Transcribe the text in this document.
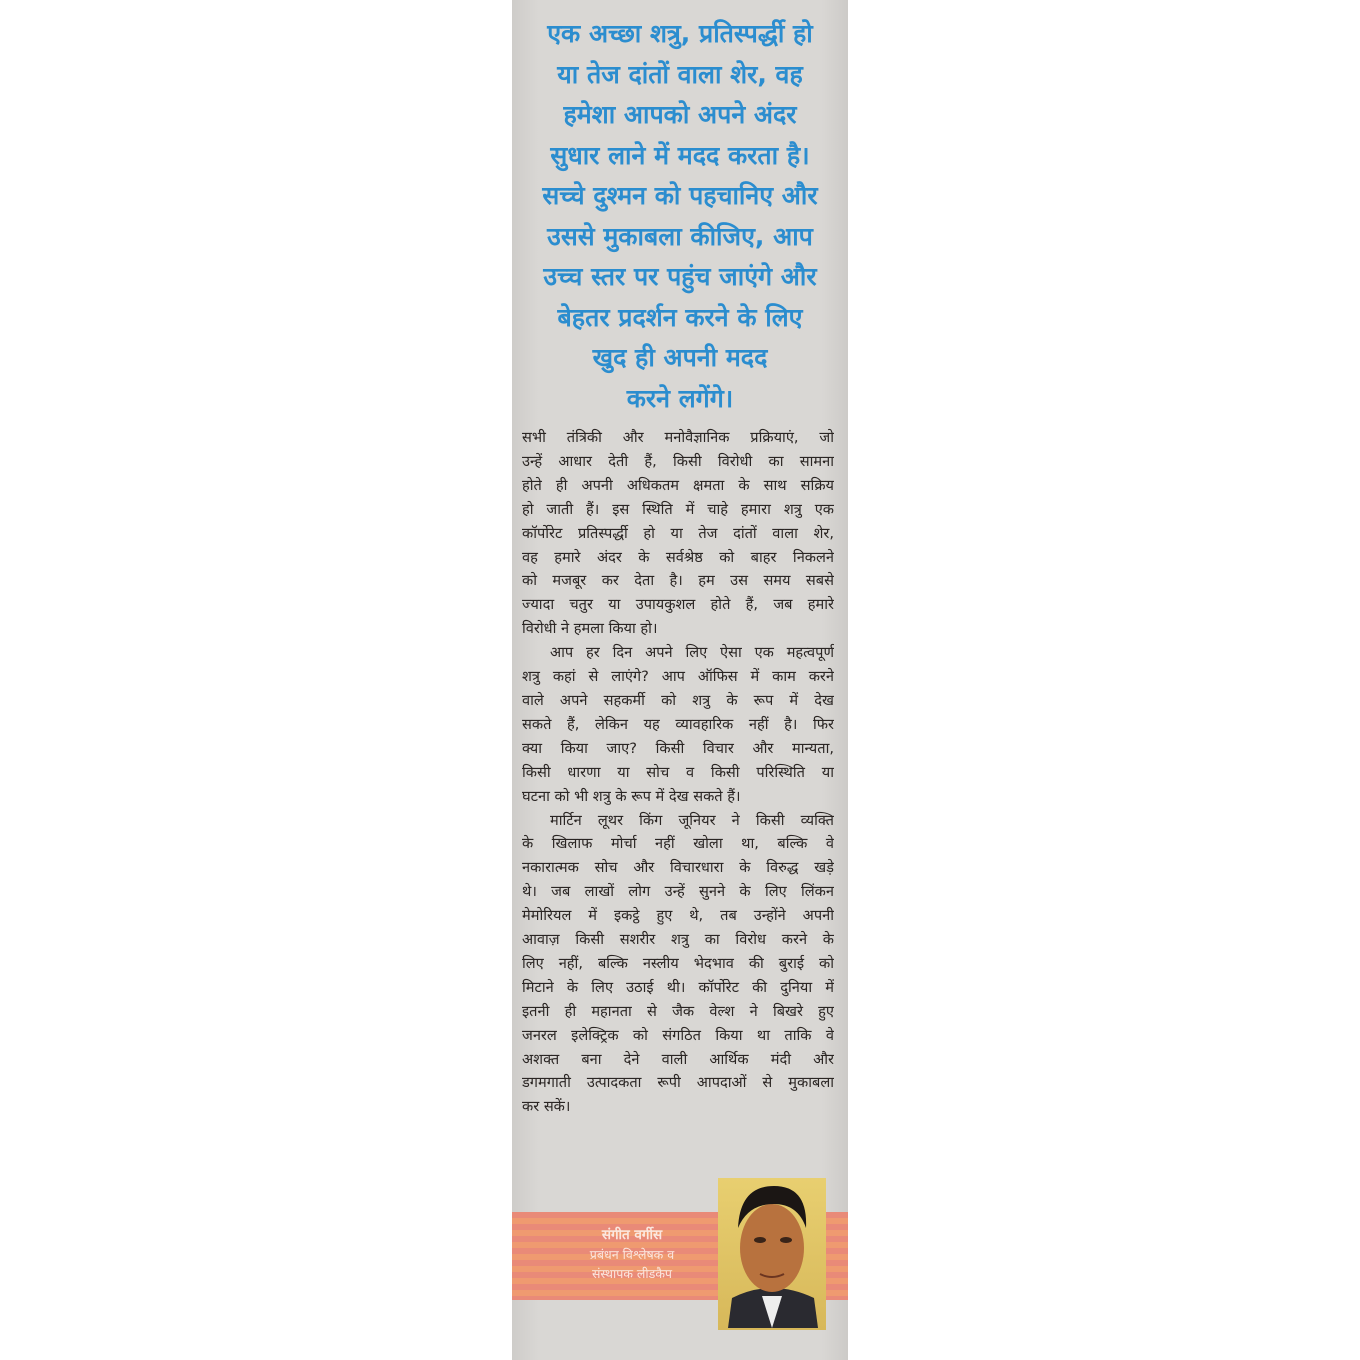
एक अच्छा शत्रु, प्रतिस्पर्द्धी हो
या तेज दांतों वाला शेर, वह
हमेशा आपको अपने अंदर
सुधार लाने में मदद करता है।
सच्चे दुश्मन को पहचानिए और
उससे मुकाबला कीजिए, आप
उच्च स्तर पर पहुंच जाएंगे और
बेहतर प्रदर्शन करने के लिए
खुद ही अपनी मदद
करने लगेंगे।
सभी तंत्रिकी और मनोवैज्ञानिक प्रक्रियाएं, जो
उन्हें आधार देती हैं, किसी विरोधी का सामना
होते ही अपनी अधिकतम क्षमता के साथ सक्रिय
हो जाती हैं। इस स्थिति में चाहे हमारा शत्रु एक
कॉर्पोरेट प्रतिस्पर्द्धी हो या तेज दांतों वाला शेर,
वह हमारे अंदर के सर्वश्रेष्ठ को बाहर निकलने
को मजबूर कर देता है। हम उस समय सबसे
ज्यादा चतुर या उपायकुशल होते हैं, जब हमारे
विरोधी ने हमला किया हो।
आप हर दिन अपने लिए ऐसा एक महत्वपूर्ण
शत्रु कहां से लाएंगे? आप ऑफिस में काम करने
वाले अपने सहकर्मी को शत्रु के रूप में देख
सकते हैं, लेकिन यह व्यावहारिक नहीं है। फिर
क्या किया जाए? किसी विचार और मान्यता,
किसी धारणा या सोच व किसी परिस्थिति या
घटना को भी शत्रु के रूप में देख सकते हैं।
मार्टिन लूथर किंग जूनियर ने किसी व्यक्ति
के खिलाफ मोर्चा नहीं खोला था, बल्कि वे
नकारात्मक सोच और विचारधारा के विरुद्ध खड़े
थे। जब लाखों लोग उन्हें सुनने के लिए लिंकन
मेमोरियल में इकट्ठे हुए थे, तब उन्होंने अपनी
आवाज़ किसी सशरीर शत्रु का विरोध करने के
लिए नहीं, बल्कि नस्लीय भेदभाव की बुराई को
मिटाने के लिए उठाई थी। कॉर्पोरेट की दुनिया में
इतनी ही महानता से जैक वेल्श ने बिखरे हुए
जनरल इलेक्ट्रिक को संगठित किया था ताकि वे
अशक्त बना देने वाली आर्थिक मंदी और
डगमगाती उत्पादकता रूपी आपदाओं से मुकाबला
कर सकें।
संगीत वर्गीस
प्रबंधन विश्लेषक व
संस्थापक लीडकैप
